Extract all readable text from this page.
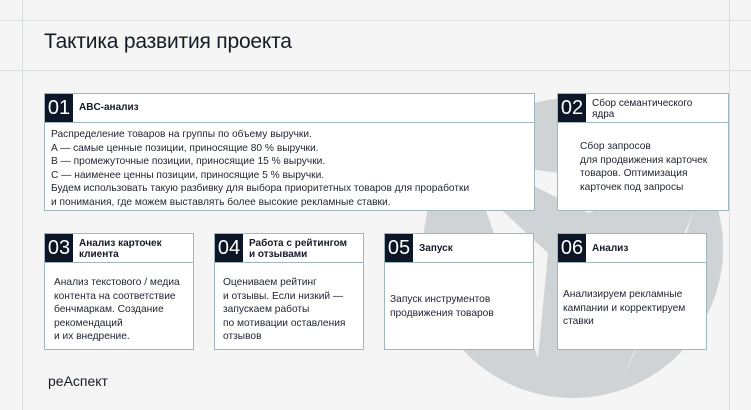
Тактика развития проекта
01 ABC-анализ
Распределение товаров на группы по объему выручки.
A — самые ценные позиции, приносящие 80 % выручки.
B — промежуточные позиции, приносящие 15 % выручки.
C — наименее ценны позиции, приносящие 5 % выручки.
Будем использовать такую разбивку для выбора приоритетных товаров для проработки
и понимания, где можем выставлять более высокие рекламные ставки.
02 Сбор семантического
ядра
Сбор запросов
для продвижения карточек
товаров. Оптимизация
карточек под запросы
03 Анализ карточек
клиента
Анализ текстового / медиа
контента на соответствие
бенчмаркам. Создание
рекомендаций
и их внедрение.
04 Работа с рейтингом
и отзывами
Оцениваем рейтинг
и отзывы. Если низкий —
запускаем работы
по мотивации оставления
отзывов
05 Запуск
Запуск инструментов
продвижения товаров
06 Анализ
Анализируем рекламные
кампании и корректируем
ставки
реАспект
